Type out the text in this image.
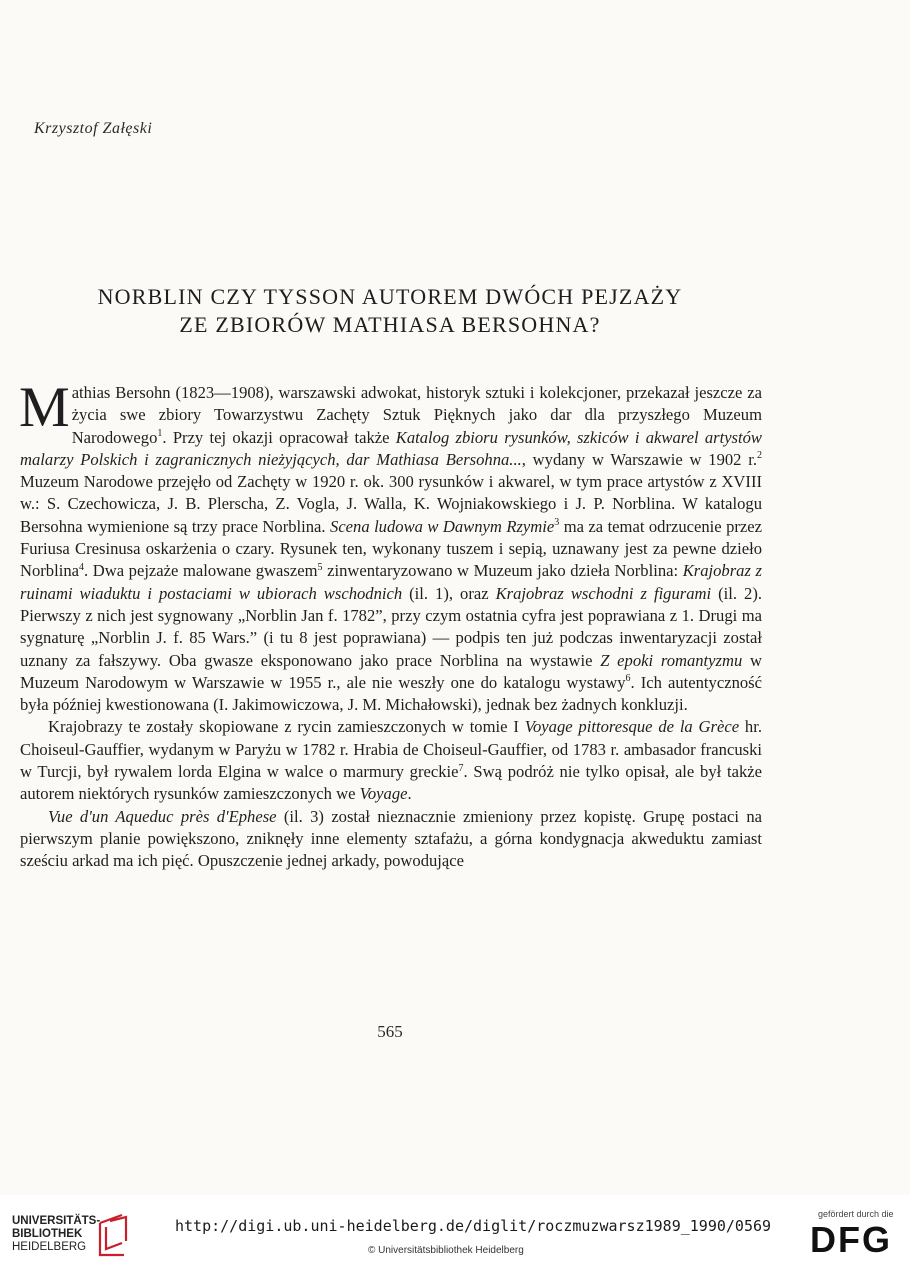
Krzysztof Załęski
NORBLIN CZY TYSSON AUTOREM DWÓCH PEJZAŻY
ZE ZBIORÓW MATHIASA BERSOHNA?

Mathias Bersohn (1823—1908), warszawski adwokat, historyk sztuki i kolekcjoner, przekazał jeszcze za życia swe zbiory Towarzystwu Zachęty Sztuk Pięknych jako dar dla przyszłego Muzeum Narodowego$^1$. Przy tej okazji opracował także Katalog zbioru rysunków, szkiców i akwarel artystów malarzy Polskich i zagranicznych nieżyjących, dar Mathiasa Bersohna..., wydany w Warszawie w 1902 r.$^2$ Muzeum Narodowe przejęło od Zachęty w 1920 r. ok. 300 rysunków i akwarel, w tym prace artystów z XVIII w.: S. Czechowicza, J. B. Plerscha, Z. Vogla, J. Walla, K. Wojniakowskiego i J. P. Norblina. W katalogu Bersohna wymienione są trzy prace Norblina. Scena ludowa w Dawnym Rzymie$^3$ ma za temat odrzucenie przez Furiusa Cresinusa oskarżenia o czary. Rysunek ten, wykonany tuszem i sepią, uznawany jest za pewne dzieło Norblina$^4$. Dwa pejzaże malowane gwaszem$^5$ zinwentaryzowano w Muzeum jako dzieła Norblina: Krajobraz z ruinami wiaduktu i postaciami w ubiorach wschodnich (il. 1), oraz Krajobraz wschodni z figurami (il. 2). Pierwszy z nich jest sygnowany „Norblin Jan f. 1782”, przy czym ostatnia cyfra jest poprawiana z 1. Drugi ma sygnaturę „Norblin J. f. 85 Wars.” (i tu 8 jest poprawiana) — podpis ten już podczas inwentaryzacji został uznany za fałszywy. Oba gwasze eksponowano jako prace Norblina na wystawie Z epoki romantyzmu w Muzeum Narodowym w Warszawie w 1955 r., ale nie weszły one do katalogu wystawy$^6$. Ich autentyczność była później kwestionowana (I. Jakimowiczowa, J. M. Michałowski), jednak bez żadnych konkluzji.

Krajobrazy te zostały skopiowane z rycin zamieszczonych w tomie I Voyage pittoresque de la Grèce hr. Choiseul-Gauffier, wydanym w Paryżu w 1782 r. Hrabia de Choiseul-Gauffier, od 1783 r. ambasador francuski w Turcji, był rywalem lorda Elgina w walce o marmury greckie$^7$. Swą podróż nie tylko opisał, ale był także autorem niektórych rysunków zamieszczonych we Voyage.

Vue d'un Aqueduc près d'Ephese (il. 3) został nieznacznie zmieniony przez kopistę. Grupę postaci na pierwszym planie powiększono, zniknęły inne elementy sztafażu, a górna kondygnacja akweduktu zamiast sześciu arkad ma ich pięć. Opuszczenie jednej arkady, powodujące

565
UNIVERSITÄTS-
BIBLIOTHEK
HEIDELBERG
http://digi.ub.uni-heidelberg.de/diglit/roczmuzwarsz1989_1990/0569
© Universitätsbibliothek Heidelberg
gefördert durch die
DFG
